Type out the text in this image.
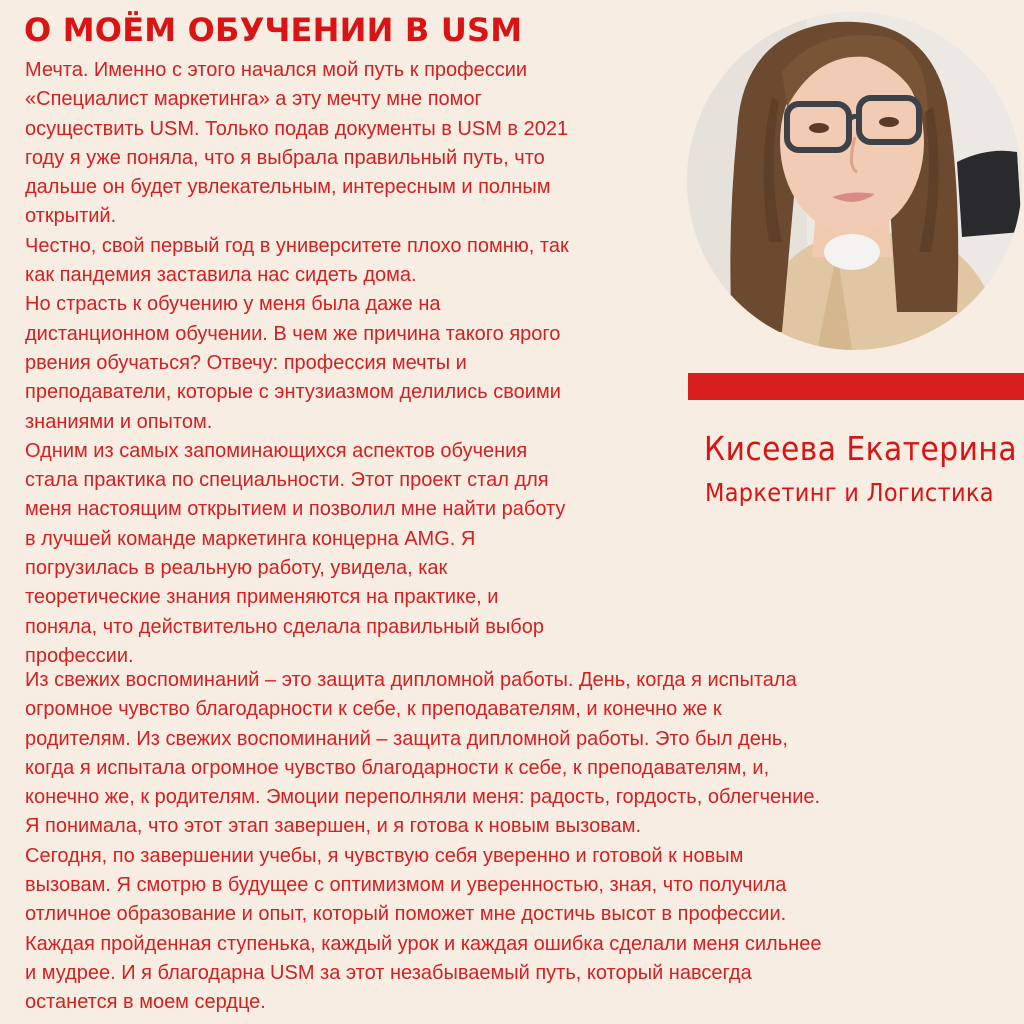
О МОЁМ ОБУЧЕНИИ В USM

Мечта. Именно с этого начался мой путь к профессии
«Специалист маркетинга» а эту мечту мне помог
осуществить USM. Только подав документы в USM в 2021
году я уже поняла, что я выбрала правильный путь, что
дальше он будет увлекательным, интересным и полным
открытий.
Честно, свой первый год в университете плохо помню, так
как пандемия заставила нас сидеть дома.
Но страсть к обучению у меня была даже на
дистанционном обучении. В чем же причина такого ярого
рвения обучаться? Отвечу: профессия мечты и
преподаватели, которые с энтузиазмом делились своими
знаниями и опытом.
Одним из самых запоминающихся аспектов обучения
стала практика по специальности. Этот проект стал для
меня настоящим открытием и позволил мне найти работу
в лучшей команде маркетинга концерна AMG. Я
погрузилась в реальную работу, увидела, как
теоретические знания применяются на практике, и
поняла, что действительно сделала правильный выбор
профессии.

Кисеева Екатерина
Маркетинг и Логистика

Из свежих воспоминаний – это защита дипломной работы. День, когда я испытала
огромное чувство благодарности к себе, к преподавателям, и конечно же к
родителям. Из свежих воспоминаний – защита дипломной работы. Это был день,
когда я испытала огромное чувство благодарности к себе, к преподавателям, и,
конечно же, к родителям. Эмоции переполняли меня: радость, гордость, облегчение.
Я понимала, что этот этап завершен, и я готова к новым вызовам.
Сегодня, по завершении учебы, я чувствую себя уверенно и готовой к новым
вызовам. Я смотрю в будущее с оптимизмом и уверенностью, зная, что получила
отличное образование и опыт, который поможет мне достичь высот в профессии.
Каждая пройденная ступенька, каждый урок и каждая ошибка сделали меня сильнее
и мудрее. И я благодарна USM за этот незабываемый путь, который навсегда
останется в моем сердце.
